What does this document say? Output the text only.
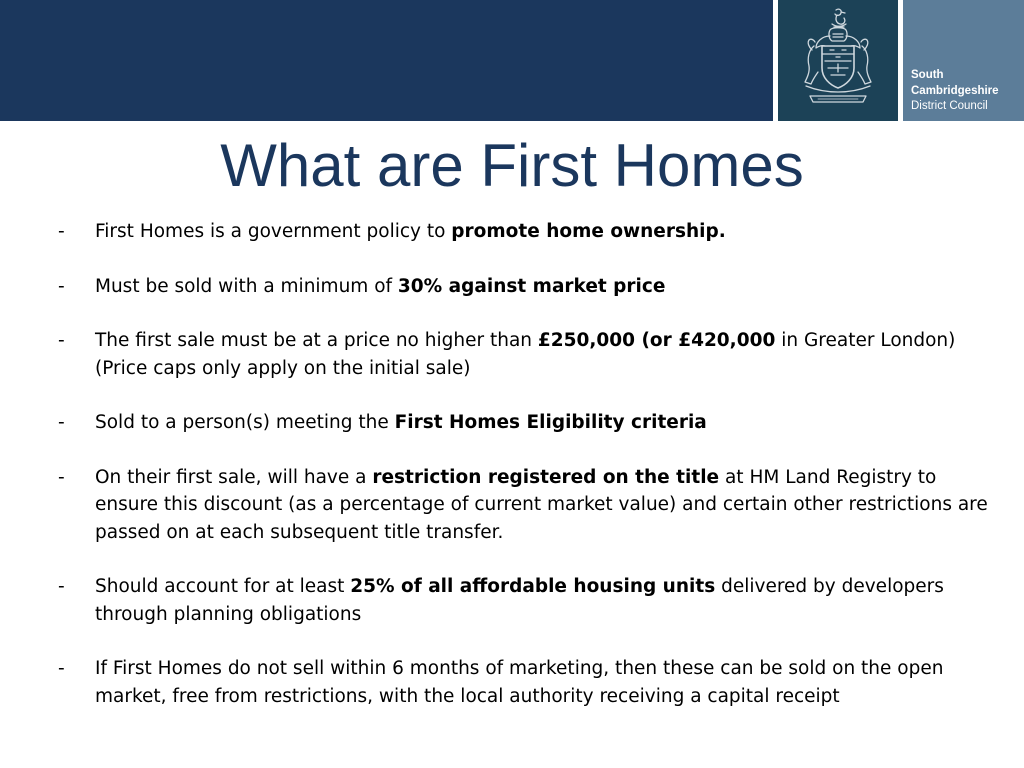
South
Cambridgeshire
District Council
What are First Homes
- First Homes is a government policy to promote home ownership.
- Must be sold with a minimum of 30% against market price
- The first sale must be at a price no higher than £250,000 (or £420,000 in Greater London) (Price caps only apply on the initial sale)
- Sold to a person(s) meeting the First Homes Eligibility criteria
- On their first sale, will have a restriction registered on the title at HM Land Registry to ensure this discount (as a percentage of current market value) and certain other restrictions are passed on at each subsequent title transfer.
- Should account for at least 25% of all affordable housing units delivered by developers through planning obligations
- If First Homes do not sell within 6 months of marketing, then these can be sold on the open market, free from restrictions, with the local authority receiving a capital receipt
